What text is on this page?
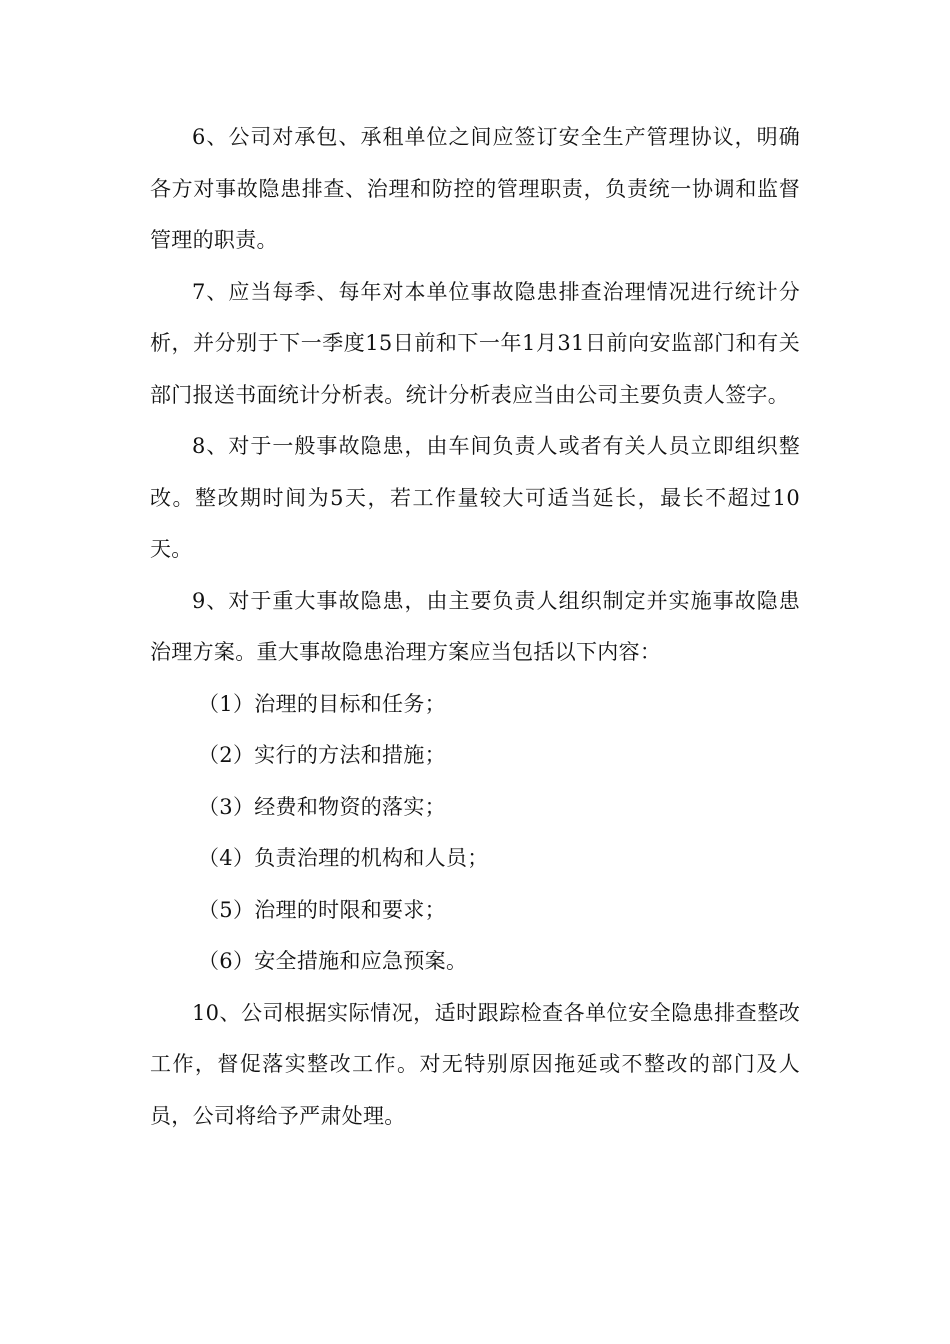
6、公司对承包、承租单位之间应签订安全生产管理协议，明确各方对事故隐患排查、治理和防控的管理职责，负责统一协调和监督管理的职责。

7、应当每季、每年对本单位事故隐患排查治理情况进行统计分析，并分别于下一季度15日前和下一年1月31日前向安监部门和有关部门报送书面统计分析表。统计分析表应当由公司主要负责人签字。

8、对于一般事故隐患，由车间负责人或者有关人员立即组织整改。整改期时间为5天，若工作量较大可适当延长，最长不超过10天。

9、对于重大事故隐患，由主要负责人组织制定并实施事故隐患治理方案。重大事故隐患治理方案应当包括以下内容：

（1）治理的目标和任务；

（2）实行的方法和措施；

（3）经费和物资的落实；

（4）负责治理的机构和人员；

（5）治理的时限和要求；

（6）安全措施和应急预案。

10、公司根据实际情况，适时跟踪检查各单位安全隐患排查整改工作，督促落实整改工作。对无特别原因拖延或不整改的部门及人员，公司将给予严肃处理。
